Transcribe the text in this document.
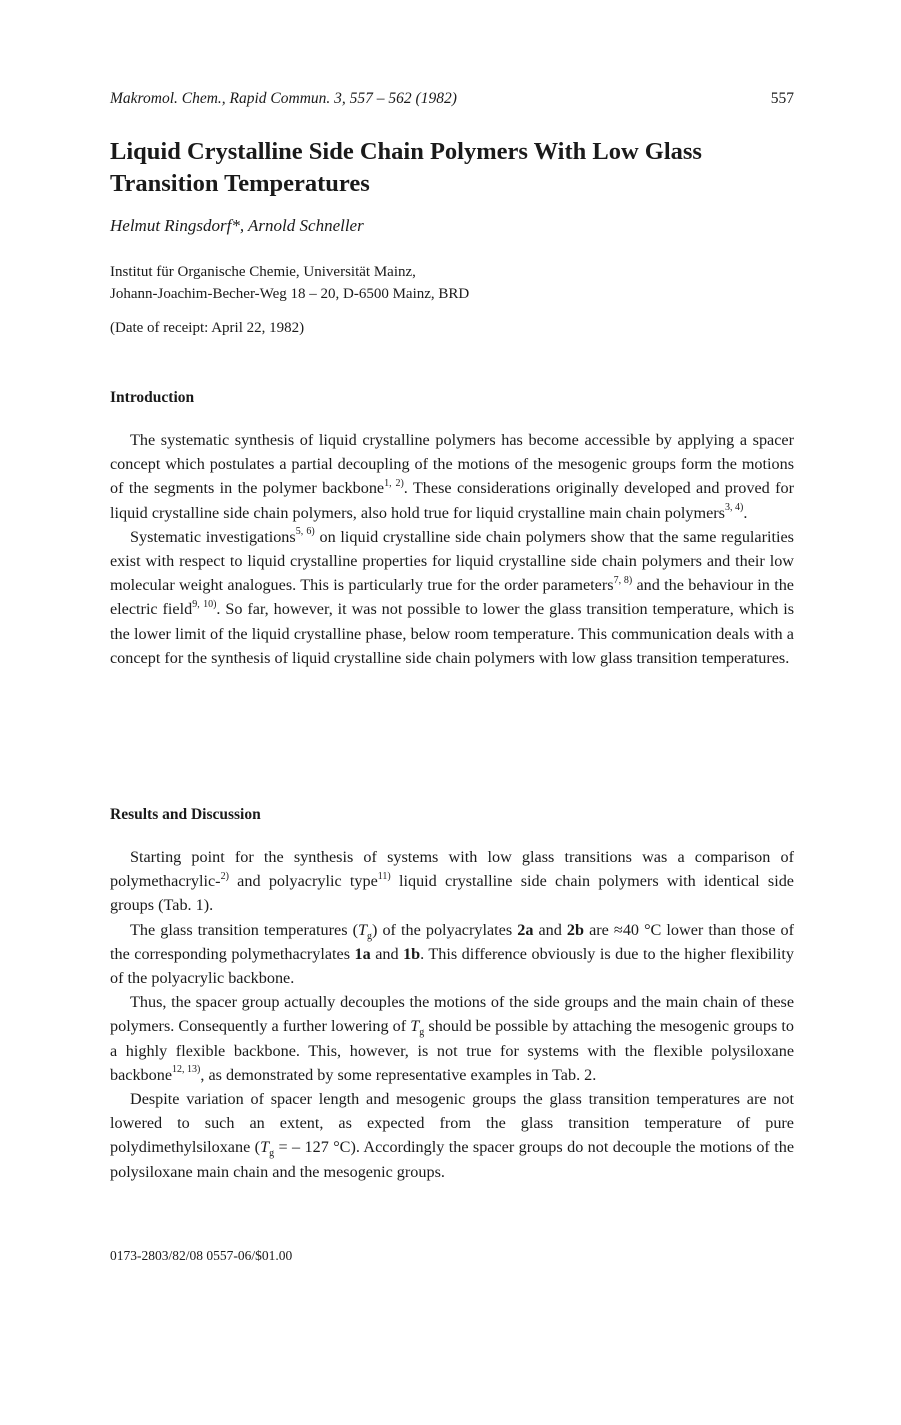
Makromol. Chem., Rapid Commun. 3, 557 – 562 (1982)	557
Liquid Crystalline Side Chain Polymers With Low Glass Transition Temperatures
Helmut Ringsdorf*, Arnold Schneller
Institut für Organische Chemie, Universität Mainz,
Johann-Joachim-Becher-Weg 18 – 20, D-6500 Mainz, BRD
(Date of receipt: April 22, 1982)
Introduction

The systematic synthesis of liquid crystalline polymers has become accessible by applying a spacer concept which postulates a partial decoupling of the motions of the mesogenic groups form the motions of the segments in the polymer backbone$^{1, 2)}$. These considerations originally developed and proved for liquid crystalline side chain polymers, also hold true for liquid crystalline main chain polymers$^{3, 4)}$.

Systematic investigations$^{5, 6)}$ on liquid crystalline side chain polymers show that the same regularities exist with respect to liquid crystalline properties for liquid crystalline side chain polymers and their low molecular weight analogues. This is particularly true for the order parameters$^{7, 8)}$ and the behaviour in the electric field$^{9, 10)}$. So far, however, it was not possible to lower the glass transition temperature, which is the lower limit of the liquid crystalline phase, below room temperature. This communication deals with a concept for the synthesis of liquid crystalline side chain polymers with low glass transition temperatures.

Results and Discussion

Starting point for the synthesis of systems with low glass transitions was a comparison of polymethacrylic-$^{2)}$ and polyacrylic type$^{11)}$ liquid crystalline side chain polymers with identical side groups (Tab. 1).

The glass transition temperatures $(T_g)$ of the polyacrylates 2a and 2b are ≈40 °C lower than those of the corresponding polymethacrylates 1a and 1b. This difference obviously is due to the higher flexibility of the polyacrylic backbone.

Thus, the spacer group actually decouples the motions of the side groups and the main chain of these polymers. Consequently a further lowering of $T_g$ should be possible by attaching the mesogenic groups to a highly flexible backbone. This, however, is not true for systems with the flexible polysiloxane backbone$^{12, 13)}$, as demonstrated by some representative examples in Tab. 2.

Despite variation of spacer length and mesogenic groups the glass transition temperatures are not lowered to such an extent, as expected from the glass transition temperature of pure polydimethylsiloxane ($T_g$ = – 127 °C). Accordingly the spacer groups do not decouple the motions of the polysiloxane main chain and the mesogenic groups.

0173-2803/82/08 0557-06/$01.00
